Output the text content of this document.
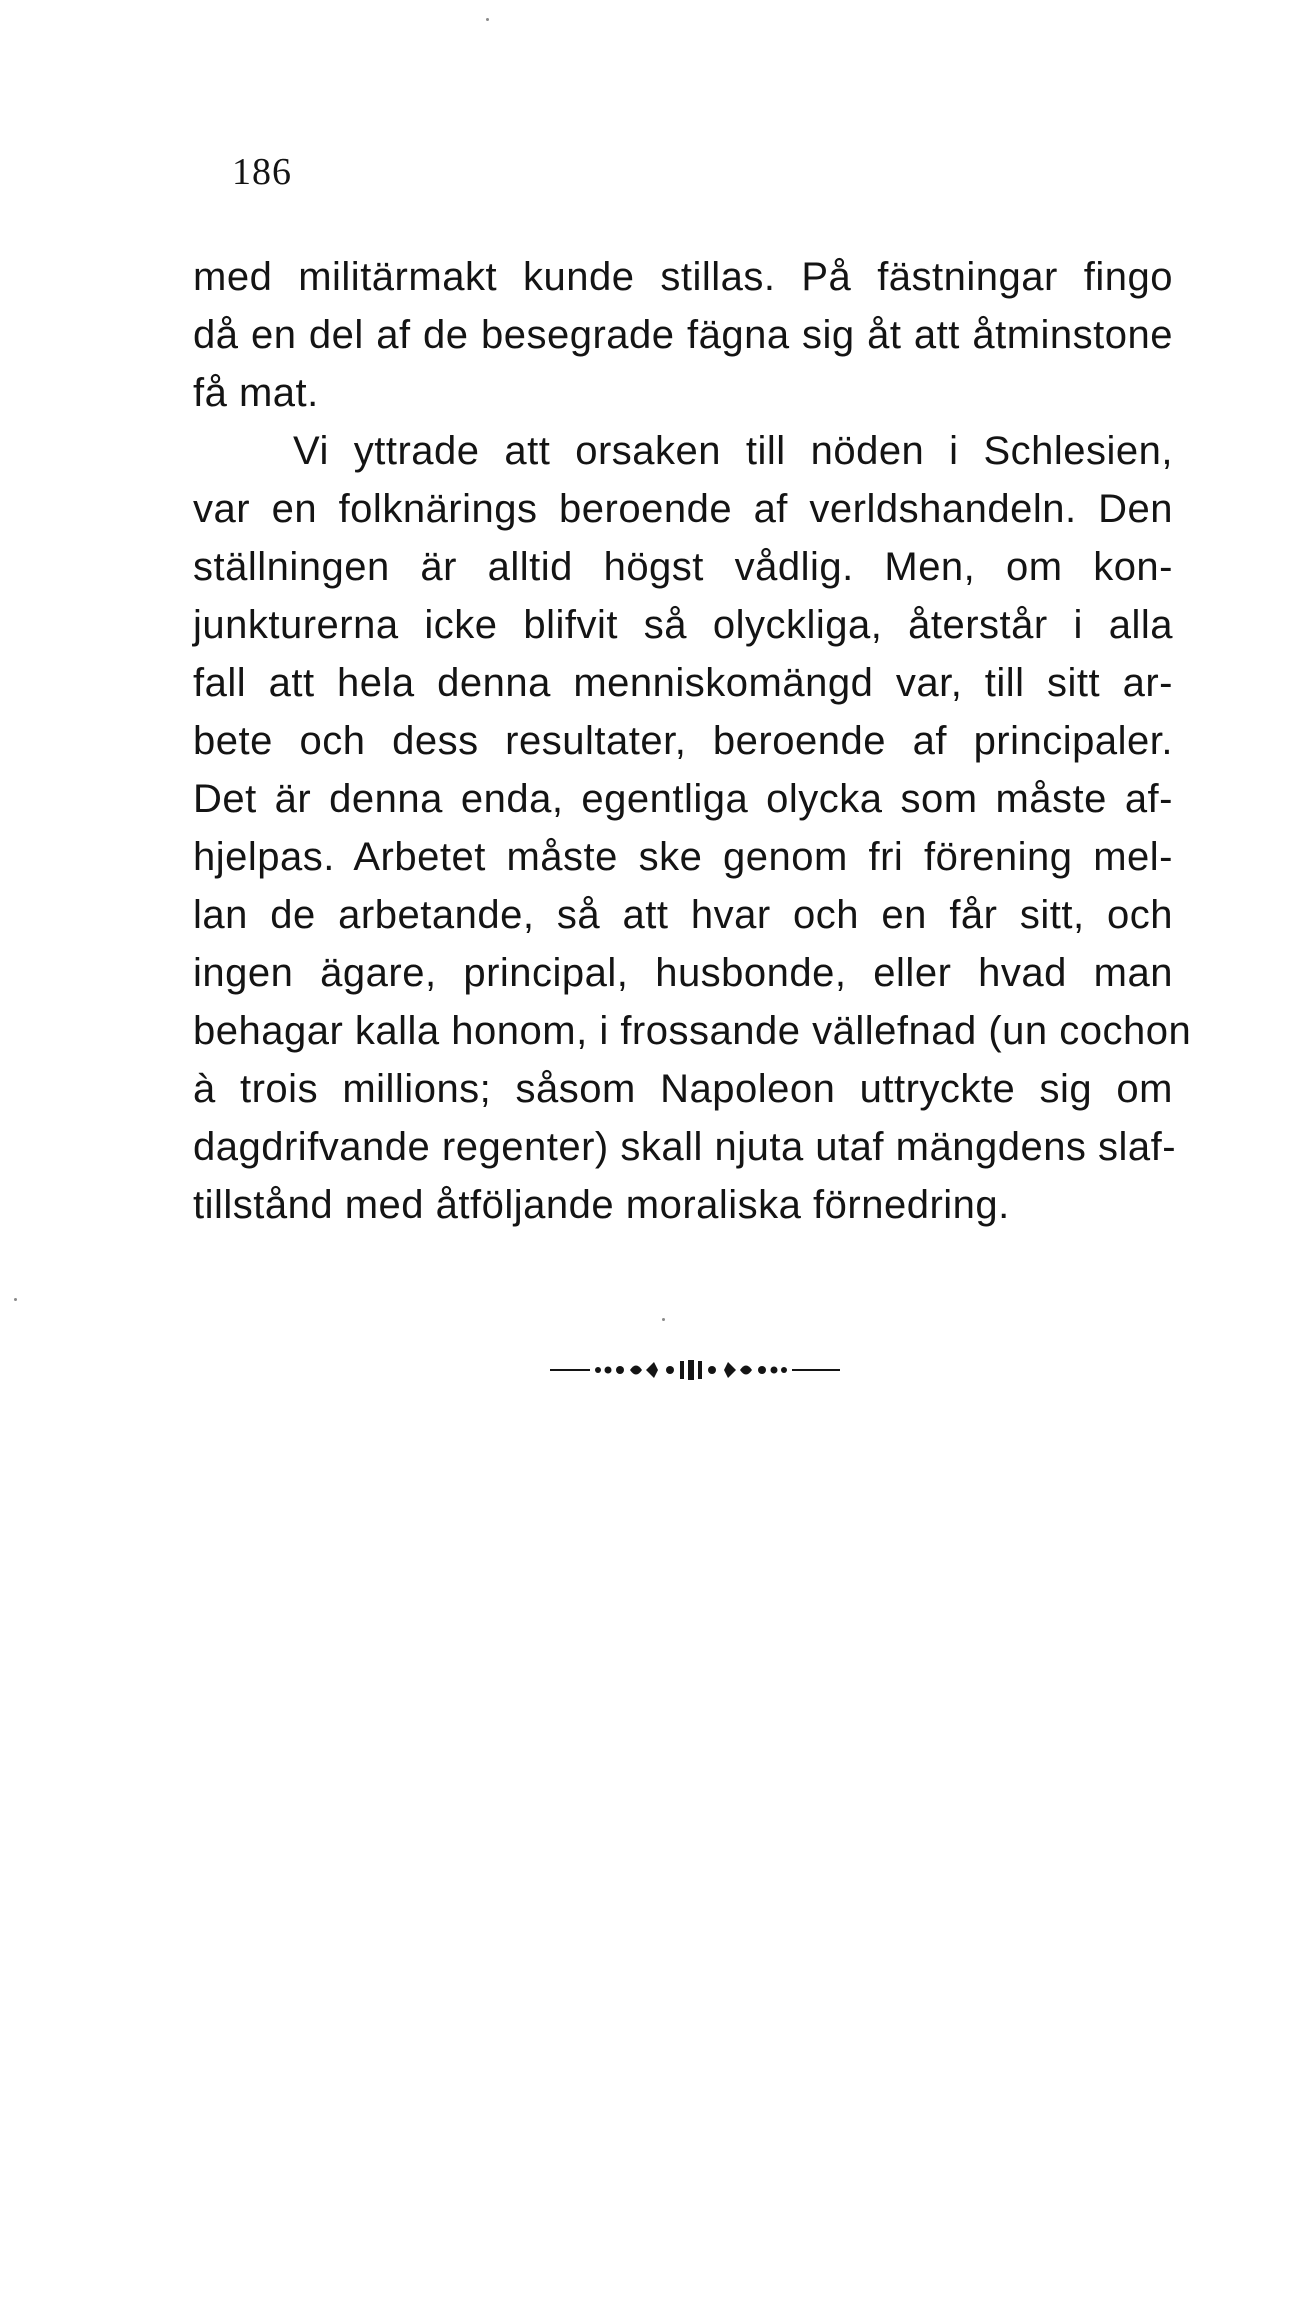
186
med militärmakt kunde stillas. På fästningar fingo
då en del af de besegrade fägna sig åt att åtminstone
få mat.
Vi yttrade att orsaken till nöden i Schlesien,
var en folknärings beroende af verldshandeln. Den
ställningen är alltid högst vådlig. Men, om kon-
junkturerna icke blifvit så olyckliga, återstår i alla
fall att hela denna menniskomängd var, till sitt ar-
bete och dess resultater, beroende af principaler.
Det är denna enda, egentliga olycka som måste af-
hjelpas. Arbetet måste ske genom fri förening mel-
lan de arbetande, så att hvar och en får sitt, och
ingen ägare, principal, husbonde, eller hvad man
behagar kalla honom, i frossande vällefnad (un cochon
à trois millions; såsom Napoleon uttryckte sig om
dagdrifvande regenter) skall njuta utaf mängdens slaf-
tillstånd med åtföljande moraliska förnedring.
